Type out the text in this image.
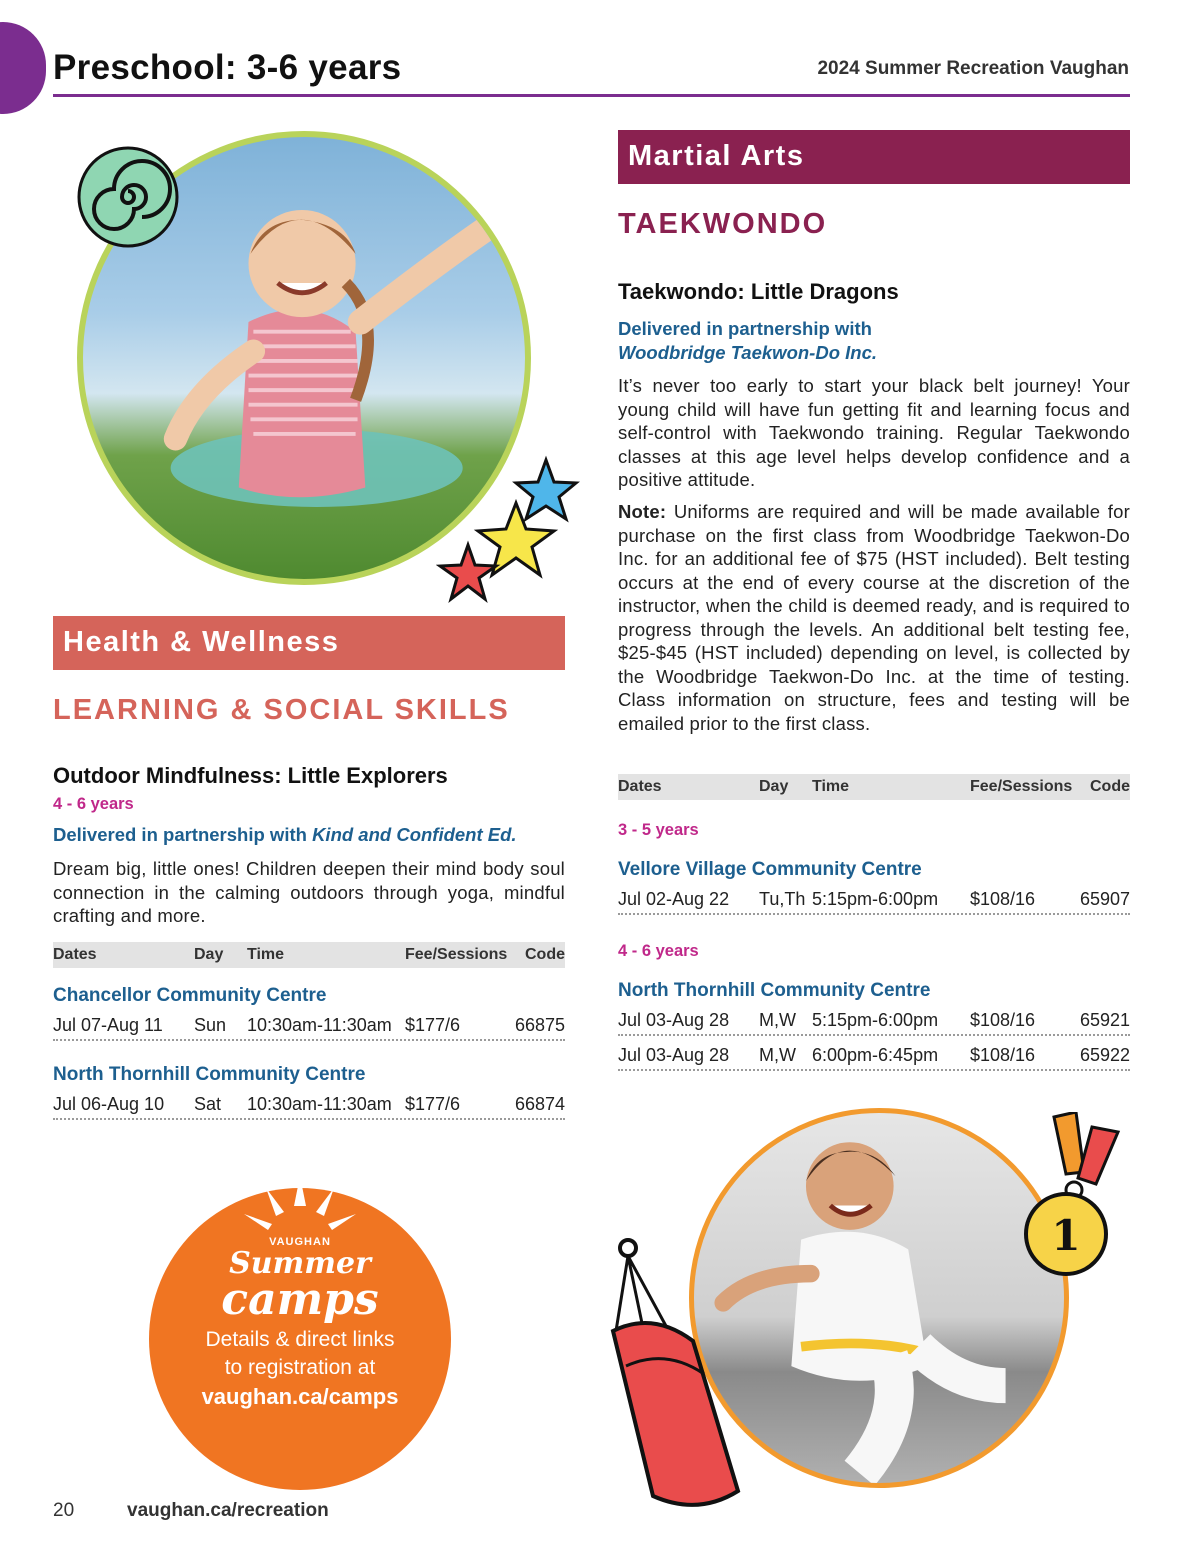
Preschool: 3-6 years	2024 Summer Recreation Vaughan
Health & Wellness
LEARNING & SOCIAL SKILLS
Outdoor Mindfulness: Little Explorers
4 - 6 years
Delivered in partnership with Kind and Confident Ed.

Dream big, little ones! Children deepen their mind body soul connection in the calming outdoors through yoga, mindful crafting and more.

Dates	Day Time	Fee/Sessions Code
Chancellor Community Centre
Jul 07-Aug 11 Sun 10:30am-11:30am $177/6	66875
North Thornhill Community Centre
Jul 06-Aug 10 Sat 10:30am-11:30am $177/6	66874
VAUGHAN
Summer
camps
Details & direct links
to registration at
vaughan.ca/camps
Martial Arts
TAEKWONDO
Taekwondo: Little Dragons
Delivered in partnership with
Woodbridge Taekwon-Do Inc.

It’s never too early to start your black belt journey! Your young child will have fun getting fit and learning focus and self-control with Taekwondo training. Regular Taekwondo classes at this age level helps develop confidence and a positive attitude.

Note: Uniforms are required and will be made available for purchase on the first class from Woodbridge Taekwon-Do Inc. for an additional fee of $75 (HST included). Belt testing occurs at the end of every course at the discretion of the instructor, when the child is deemed ready, and is required to progress through the levels. An additional belt testing fee, $25-$45 (HST included) depending on level, is collected by the Woodbridge Taekwon-Do Inc. at the time of testing. Class information on structure, fees and testing will be emailed prior to the first class.

Dates	Day Time	Fee/Sessions Code
3 - 5 years
Vellore Village Community Centre
Jul 02-Aug 22 Tu,Th 5:15pm-6:00pm $108/16 65907
4 - 6 years
North Thornhill Community Centre
Jul 03-Aug 28 M,W 5:15pm-6:00pm $108/16 65921
Jul 03-Aug 28 M,W 6:00pm-6:45pm $108/16 65922
1
20	vaughan.ca/recreation
